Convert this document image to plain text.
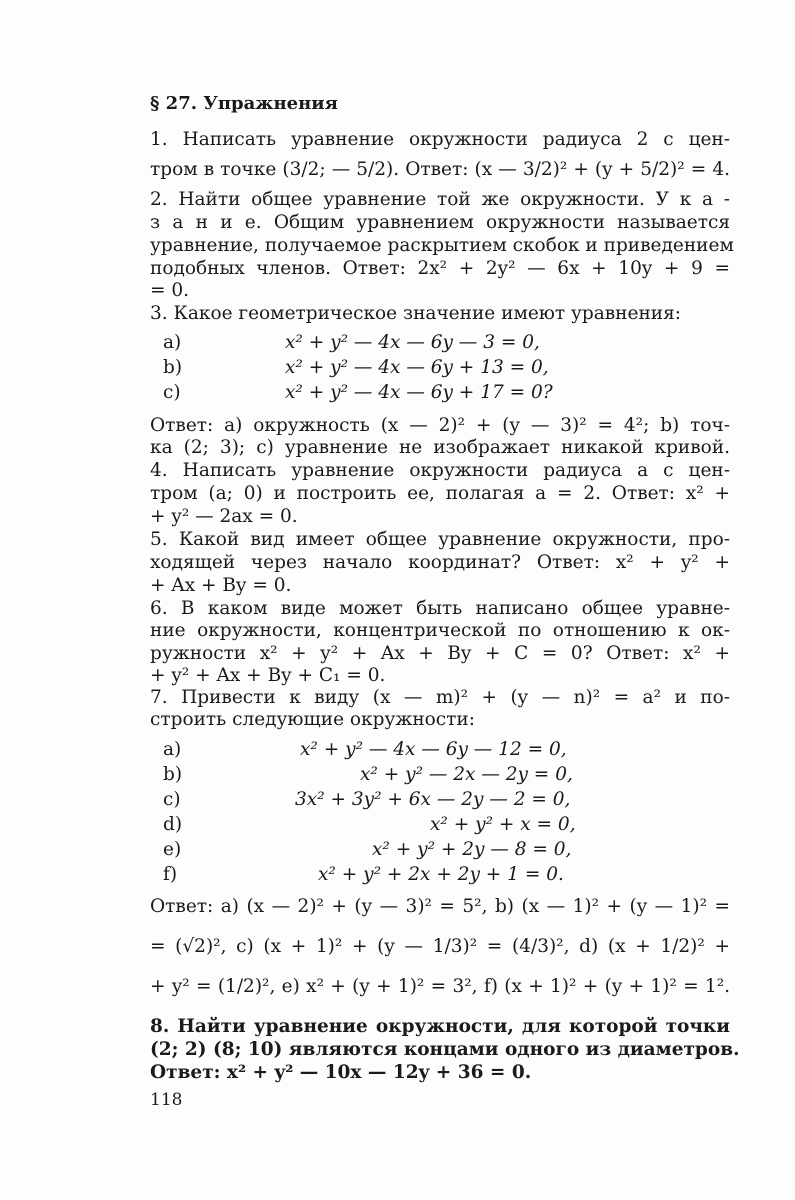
§ 27. Упражнения
1. Написать уравнение окружности радиуса 2 с цен-
тром в точке (3/2; — 5/2). Ответ: (x — 3/2)² + (y + 5/2)² = 4.
2. Найти общее уравнение той же окружности. У к а -
з а н и е. Общим уравнением окружности называется
уравнение, получаемое раскрытием скобок и приведением
подобных членов. Ответ: 2x² + 2y² — 6x + 10y + 9 =
= 0.
3. Какое геометрическое значение имеют уравнения:
a)	x² + y² — 4x — 6y — 3 = 0,
b)	x² + y² — 4x — 6y + 13 = 0,
c)	x² + y² — 4x — 6y + 17 = 0?
Ответ: a) окружность (x — 2)² + (y — 3)² = 4²; b) точ-
ка (2; 3); c) уравнение не изображает никакой кривой.
4. Написать уравнение окружности радиуса a с цен-
тром (a; 0) и построить ее, полагая a = 2. Ответ: x² +
+ y² — 2ax = 0.
5. Какой вид имеет общее уравнение окружности, про-
ходящей через начало координат? Ответ: x² + y² +
+ Ax + By = 0.
6. В каком виде может быть написано общее уравне-
ние окружности, концентрической по отношению к ок-
ружности x² + y² + Ax + By + C = 0? Ответ: x² +
+ y² + Ax + By + C₁ = 0.
7. Привести к виду (x — m)² + (y — n)² = a² и по-
строить следующие окружности:
a)	x² + y² — 4x — 6y — 12 = 0,
b)	x² + y² — 2x — 2y = 0,
c)	3x² + 3y² + 6x — 2y — 2 = 0,
d)	x² + y² + x = 0,
e)	x² + y² + 2y — 8 = 0,
f)	x² + y² + 2x + 2y + 1 = 0.
Ответ: a) (x — 2)² + (y — 3)² = 5², b) (x — 1)² + (y — 1)² =
= (√2)², c) (x + 1)² + (y — 1/3)² = (4/3)², d) (x + 1/2)² +
+ y² = (1/2)², e) x² + (y + 1)² = 3², f) (x + 1)² + (y + 1)² = 1².
8. Найти уравнение окружности, для которой точки
(2; 2) (8; 10) являются концами одного из диаметров.
Ответ: x² + y² — 10x — 12y + 36 = 0.
118
